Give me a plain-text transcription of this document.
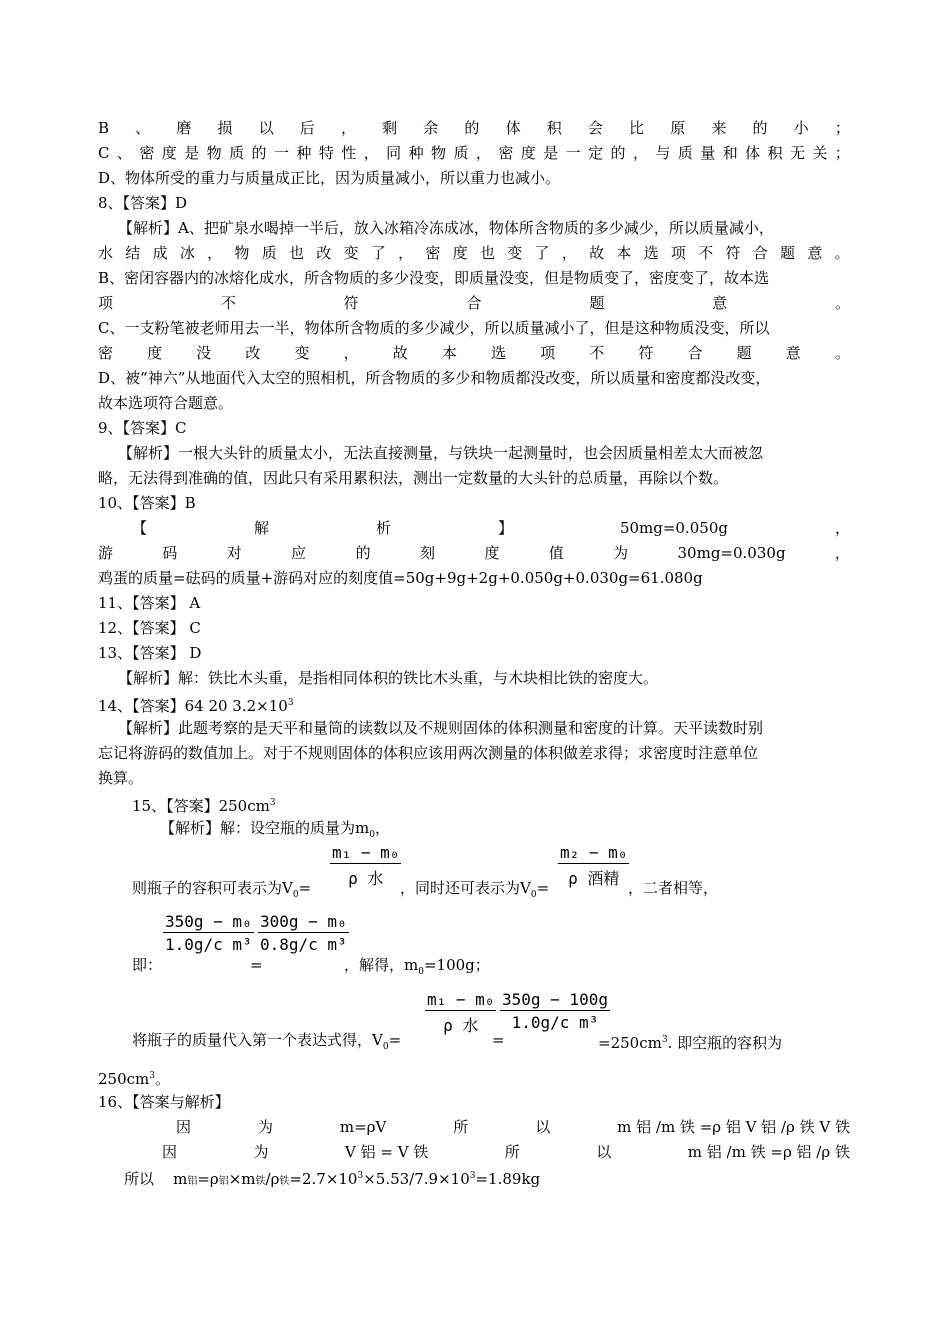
B 、 磨 损 以 后 ， 剩 余 的 体 积 会 比 原 来 的 小 ；
C 、 密 度 是 物 质 的 一 种 特 性 ， 同 种 物 质 ， 密 度 是 一 定 的 ， 与 质 量 和 体 积 无 关 ；
D、物体所受的重力与质量成正比，因为质量减小，所以重力也减小。
8、【答案】D
【解析】A、把矿泉水喝掉一半后，放入冰箱冷冻成冰，物体所含物质的多少减少，所以质量减小，
水 结 成 冰 ， 物 质 也 改 变 了 ， 密 度 也 变 了 ， 故 本 选 项 不 符 合 题 意 。
B、密闭容器内的冰熔化成水，所含物质的多少没变，即质量没变，但是物质变了，密度变了，故本选
项	不	符	合	题	意	。
C、一支粉笔被老师用去一半，物体所含物质的多少减少，所以质量减小了，但是这种物质没变，所以
密 度 没 改 变 ， 故 本 选 项 不 符 合 题 意 。
D、被“神六”从地面代入太空的照相机，所含物质的多少和物质都没改变，所以质量和密度都没改变，
故本选项符合题意。
9、【答案】C
【解析】一根大头针的质量太小，无法直接测量，与铁块一起测量时，也会因质量相差太大而被忽
略，无法得到准确的值，因此只有采用累积法，测出一定数量的大头针的总质量，再除以个数。
10、【答案】B
【	解	析	】	50mg=0.050g	，
游	码	对	应	的	刻	度	值	为	30mg=0.030g	，
鸡蛋的质量=砝码的质量+游码对应的刻度值=50g+9g+2g+0.050g+0.030g=61.080g
11、【答案】 A
12、【答案】 C
13、【答案】 D
【解析】解：铁比木头重，是指相同体积的铁比木头重，与木块相比铁的密度大。
14、【答案】64 20 $3.2\times 10^3$
【解析】此题考察的是天平和量筒的读数以及不规则固体的体积测量和密度的计算。天平读数时别
忘记将游码的数值加上。对于不规则固体的体积应该用两次测量的体积做差求得；求密度时注意单位
换算。
15、【答案】$250cm^3$
【解析】解：设空瓶的质量为$m_0$，
则瓶子的容积可表示为$V_0=$
m₁ − m₀
ρ 水	，同时还可表示为$V_0=$
m₂ − m₀
ρ 酒精 ，二者相等，
即：
$\frac{\text{350g − m₀}}{\text{1.0g/c m³}}$
=
$\frac{\text{300g − m₀}}{\text{0.8g/c m³}}$
，解得，$m_0=100g$；
将瓶子的质量代入第一个表达式得，$V_0=$
m₁ − m₀
ρ 水
=
$\frac{350g - 100g}{\text{1.0g/c m³}}$
$=250cm^3$. 即空瓶的容积为
$250cm^3$。
16、【答案与解析】
因	为	m=ρV	所	以	m 铝 /m 铁 =ρ 铝 V 铝 /ρ 铁 V 铁
因	为	V 铝 = V 铁	所	以	m 铝 /m 铁 =ρ 铝 /ρ 铁
所以 m铝=ρ铝×m铁/ρ铁$=2.7\times 10^3\times 5.53/7.9\times 10^3=1.89kg$
